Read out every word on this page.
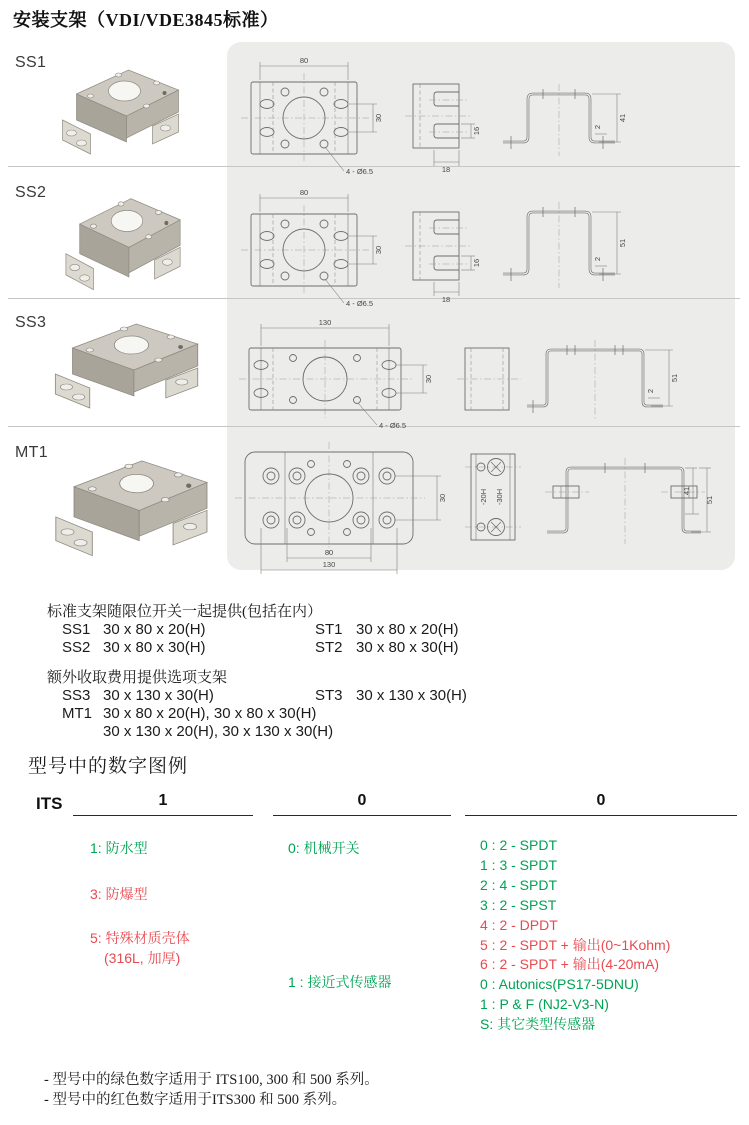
安装支架（VDI/VDE3845标准）
SS1
SS2
SS3
MT1
80
30
4 - Ø6.5
16
18
2
41
80
30
4 - Ø6.5
16
18
2
51
130
30
4 - Ø6.5
2
51
30
80
130
-20H -30H	41
51
标准支架随限位开关一起提供(包括在内）
SS1 30 x 80 x 20(H)	ST1 30 x 80 x 20(H)
SS2 30 x 80 x 30(H)	ST2 30 x 80 x 30(H)
额外收取费用提供选项支架
SS3 30 x 130 x 30(H)	ST3 30 x 130 x 30(H)
MT1 30 x 80 x 20(H), 30 x 80 x 30(H)
30 x 130 x 20(H), 30 x 130 x 30(H)
型号中的数字图例
ITS	1	0	0
1: 防水型
3: 防爆型
5: 特殊材质壳体
(316L, 加厚)
0: 机械开关
1 : 接近式传感器
0 : 2 - SPDT
1 : 3 - SPDT
2 : 4 - SPDT
3 : 2 - SPST
4 : 2 - DPDT
5 : 2 - SPDT + 输出(0~1Kohm)
6 : 2 - SPDT + 输出(4-20mA)
0 : Autonics(PS17-5DNU)
1 : P & F (NJ2-V3-N)
S: 其它类型传感器
- 型号中的绿色数字适用于 ITS100, 300 和 500 系列。
- 型号中的红色数字适用于ITS300 和 500 系列。
